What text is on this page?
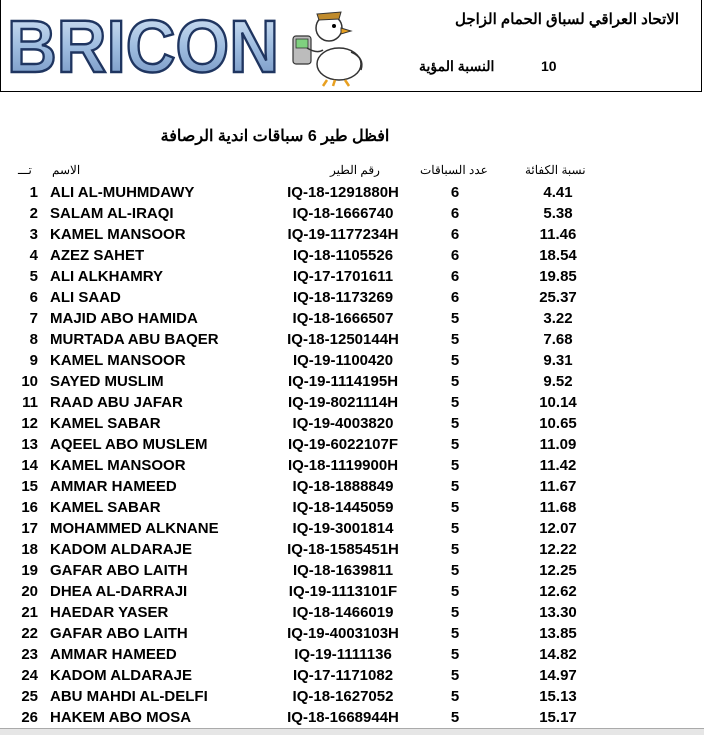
BRICON	الاتحاد العراقي لسباق الحمام الزاجل
النسبة المؤية	10
افظل طير 6 سباقات اندية الرصافة
تـــ الاسم	رقم الطير	عدد السباقات	نسبة الكفائة
1 ALI AL-MUHMDAWY	IQ-18-1291880H	6	4.41
2 SALAM AL-IRAQI	IQ-18-1666740	6	5.38
3 KAMEL MANSOOR	IQ-19-1177234H	6	11.46
4 AZEZ SAHET	IQ-18-1105526	6	18.54
5 ALI ALKHAMRY	IQ-17-1701611	6	19.85
6 ALI SAAD	IQ-18-1173269	6	25.37
7 MAJID ABO HAMIDA	IQ-18-1666507	5	3.22
8 MURTADA ABU BAQER	IQ-18-1250144H	5	7.68
9 KAMEL MANSOOR	IQ-19-1100420	5	9.31
10 SAYED MUSLIM	IQ-19-1114195H	5	9.52
11 RAAD ABU JAFAR	IQ-19-8021114H	5	10.14
12 KAMEL SABAR	IQ-19-4003820	5	10.65
13 AQEEL ABO MUSLEM	IQ-19-6022107F	5	11.09
14 KAMEL MANSOOR	IQ-18-1119900H	5	11.42
15 AMMAR HAMEED	IQ-18-1888849	5	11.67
16 KAMEL SABAR	IQ-18-1445059	5	11.68
17 MOHAMMED ALKNANE	IQ-19-3001814	5	12.07
18 KADOM ALDARAJE	IQ-18-1585451H	5	12.22
19 GAFAR ABO LAITH	IQ-18-1639811	5	12.25
20 DHEA AL-DARRAJI	IQ-19-1113101F	5	12.62
21 HAEDAR YASER	IQ-18-1466019	5	13.30
22 GAFAR ABO LAITH	IQ-19-4003103H	5	13.85
23 AMMAR HAMEED	IQ-19-1111136	5	14.82
24 KADOM ALDARAJE	IQ-17-1171082	5	14.97
25 ABU MAHDI AL-DELFI	IQ-18-1627052	5	15.13
26 HAKEM ABO MOSA	IQ-18-1668944H	5	15.17
